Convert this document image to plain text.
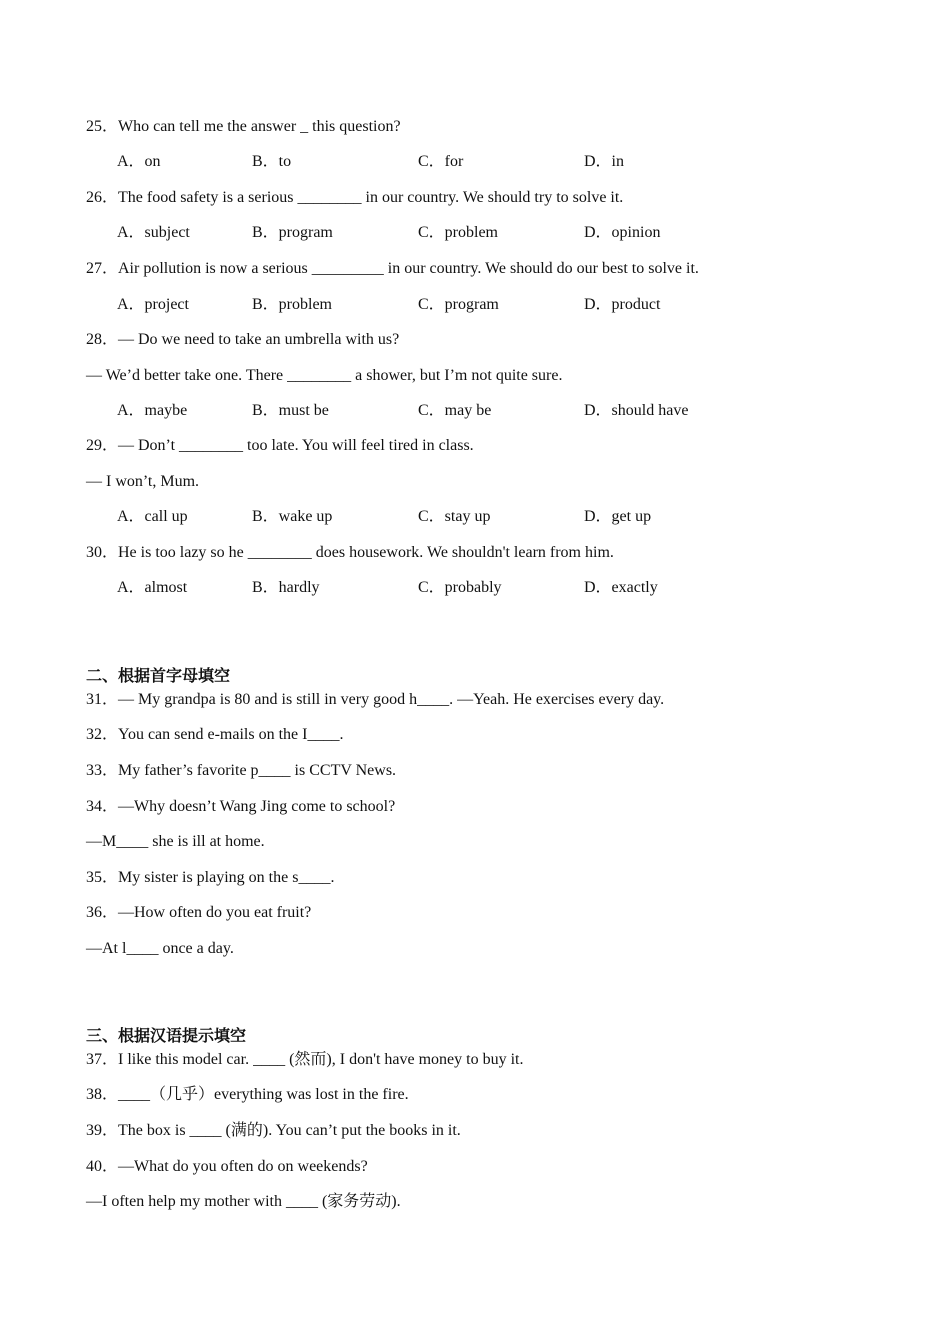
25．Who can tell me the answer _ this question?
A．on	B．to	C．for	D．in
26．The food safety is a serious ________ in our country. We should try to solve it.
A．subject	B．program	C．problem	D．opinion
27．Air pollution is now a serious _________ in our country. We should do our best to solve it.
A．project	B．problem	C．program	D．product
28．— Do we need to take an umbrella with us?
— We’d better take one. There ________ a shower, but I’m not quite sure.
A．maybe	B．must be	C．may be	D．should have
29．— Don’t ________ too late. You will feel tired in class.
— I won’t, Mum.
A．call up	B．wake up	C．stay up	D．get up
30．He is too lazy so he ________ does housework. We shouldn't learn from him.
A．almost	B．hardly	C．probably	D．exactly
二、根据首字母填空
31．— My grandpa is 80 and is still in very good h____. —Yeah. He exercises every day.
32．You can send e-mails on the I____.
33．My father’s favorite p____ is CCTV News.
34．—Why doesn’t Wang Jing come to school?
—M____ she is ill at home.
35．My sister is playing on the s____.
36．—How often do you eat fruit?
—At l____ once a day.
三、根据汉语提示填空
37．I like this model car. ____ (然而), I don't have money to buy it.
38．____（几乎）everything was lost in the fire.
39．The box is ____ (满的). You can’t put the books in it.
40．—What do you often do on weekends?
—I often help my mother with ____ (家务劳动).
